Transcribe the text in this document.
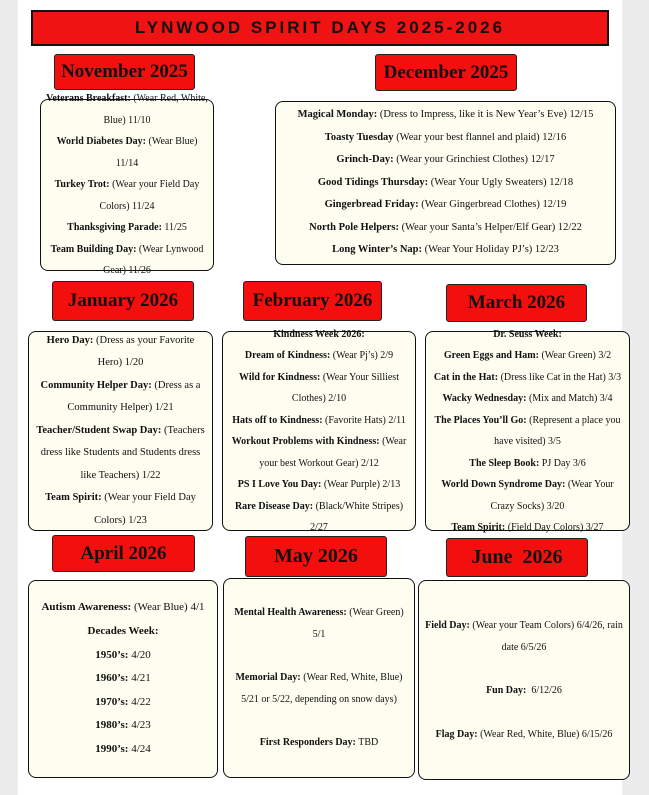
LYNWOOD SPIRIT DAYS 2025-2026
November 2025

Veterans Breakfast: (Wear Red, White, Blue) 11/10

World Diabetes Day: (Wear Blue) 11/14

Turkey Trot: (Wear your Field Day Colors) 11/24

Thanksgiving Parade: 11/25

Team Building Day: (Wear Lynwood Gear) 11/26

December 2025

Magical Monday: (Dress to Impress, like it is New Year’s Eve) 12/15

Toasty Tuesday (Wear your best flannel and plaid) 12/16

Grinch-Day: (Wear your Grinchiest Clothes) 12/17

Good Tidings Thursday: (Wear Your Ugly Sweaters) 12/18

Gingerbread Friday: (Wear Gingerbread Clothes) 12/19

North Pole Helpers: (Wear your Santa’s Helper/Elf Gear) 12/22

Long Winter’s Nap: (Wear Your Holiday PJ’s) 12/23

January 2026

Hero Day: (Dress as your Favorite Hero) 1/20

Community Helper Day: (Dress as a Community Helper) 1/21

Teacher/Student Swap Day: (Teachers dress like Students and Students dress like Teachers) 1/22

Team Spirit: (Wear your Field Day Colors) 1/23

February 2026

Kindness Week 2026:

Dream of Kindness: (Wear Pj’s) 2/9

Wild for Kindness: (Wear Your Silliest Clothes) 2/10

Hats off to Kindness: (Favorite Hats) 2/11

Workout Problems with Kindness: (Wear your best Workout Gear) 2/12

PS I Love You Day: (Wear Purple) 2/13

Rare Disease Day: (Black/White Stripes) 2/27

March 2026

Dr. Seuss Week:

Green Eggs and Ham: (Wear Green) 3/2

Cat in the Hat: (Dress like Cat in the Hat) 3/3

Wacky Wednesday: (Mix and Match) 3/4

The Places You’ll Go: (Represent a place you have visited) 3/5

The Sleep Book: PJ Day 3/6

World Down Syndrome Day: (Wear Your Crazy Socks) 3/20

Team Spirit: (Field Day Colors) 3/27

April 2026

Autism Awareness: (Wear Blue) 4/1

Decades Week:

1950’s: 4/20

1960’s: 4/21

1970’s: 4/22

1980’s: 4/23

1990’s: 4/24

May 2026

Mental Health Awareness: (Wear Green) 5/1

Memorial Day: (Wear Red, White, Blue) 5/21 or 5/22, depending on snow days)

First Responders Day: TBD

June  2026

Field Day: (Wear your Team Colors) 6/4/26, rain date 6/5/26

Fun Day:  6/12/26

Flag Day: (Wear Red, White, Blue) 6/15/26
